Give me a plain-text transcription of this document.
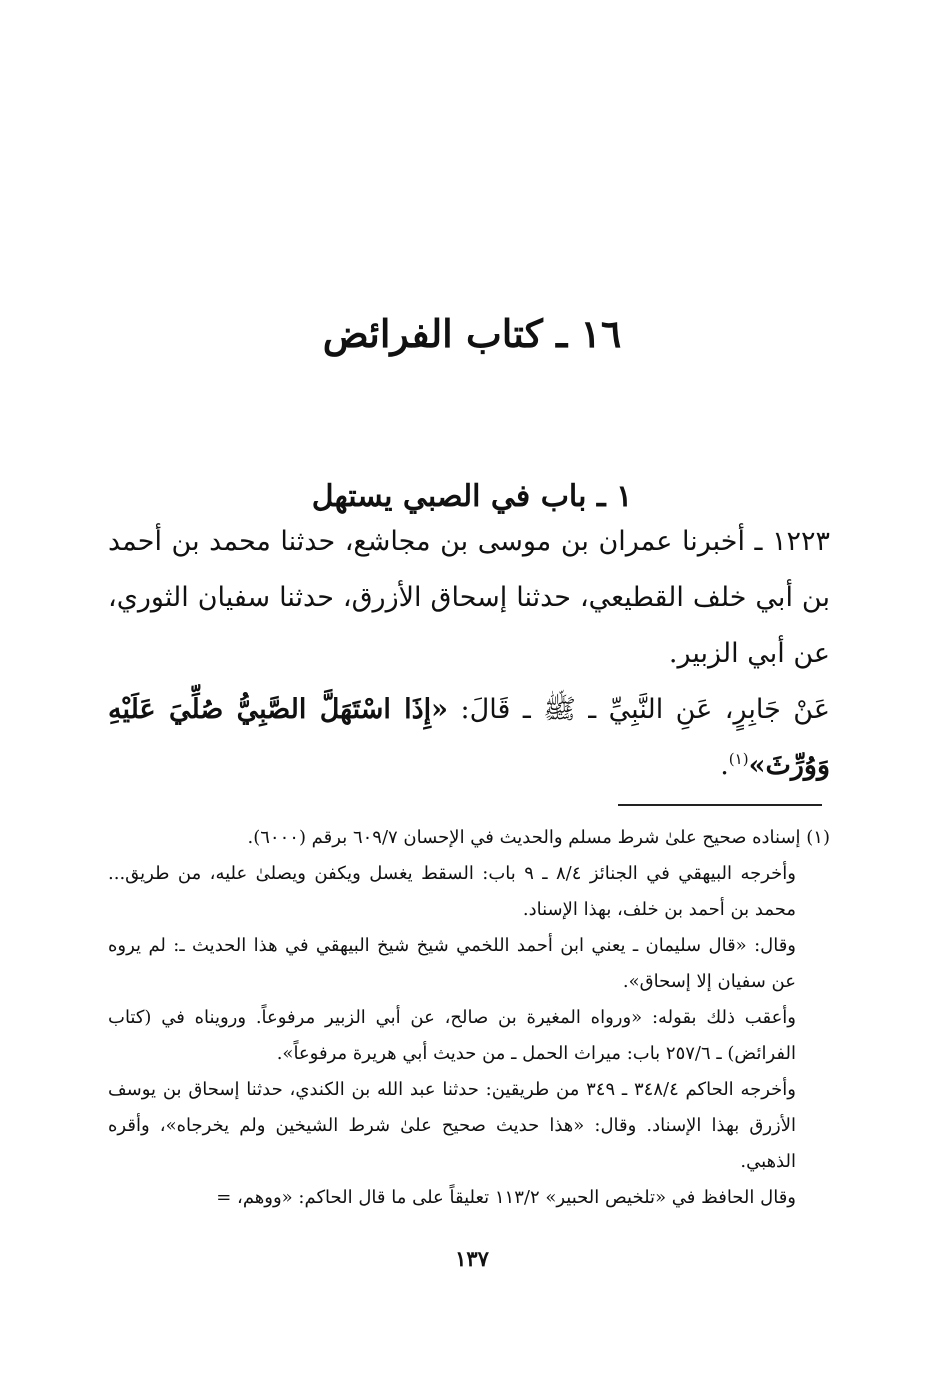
١٦ ـ كتاب الفرائض
١ ـ باب في الصبي يستهل

١٢٢٣ ـ أخبرنا عمران بن موسى بن مجاشع، حدثنا محمد بن أحمد بن أبي خلف القطيعي، حدثنا إسحاق الأزرق، حدثنا سفيان الثوري، عن أبي الزبير.

عَنْ جَابِرٍ، عَنِ النَّبِيِّ ـ ﷺ ـ قَالَ: «إِذَا اسْتَهَلَّ الصَّبِيُّ صُلِّيَ عَلَيْهِ وَوُرِّثَ»$^{(١)}$.

(١) إسناده صحيح علىٰ شرط مسلم والحديث في الإحسان ٦٠٩/٧ برقم (٦٠٠٠).

وأخرجه البيهقي في الجنائز ٨/٤ ـ ٩ باب: السقط يغسل ويكفن ويصلىٰ عليه، من طريق... محمد بن أحمد بن خلف، بهذا الإسناد.

وقال: «قال سليمان ـ يعني ابن أحمد اللخمي شيخ شيخ البيهقي في هذا الحديث ـ: لم يروه عن سفيان إلا إسحاق».

وأعقب ذلك بقوله: «ورواه المغيرة بن صالح، عن أبي الزبير مرفوعاً. ورويناه في (كتاب الفرائض) ـ ٢٥٧/٦ باب: ميراث الحمل ـ من حديث أبي هريرة مرفوعاً».

وأخرجه الحاكم ٣٤٨/٤ ـ ٣٤٩ من طريقين: حدثنا عبد الله بن الكندي، حدثنا إسحاق بن يوسف الأزرق بهذا الإسناد. وقال: «هذا حديث صحيح علىٰ شرط الشيخين ولم يخرجاه»، وأقره الذهبي.

وقال الحافظ في «تلخيص الحبير» ١١٣/٢ تعليقاً على ما قال الحاكم: «ووهم، =

١٣٧
